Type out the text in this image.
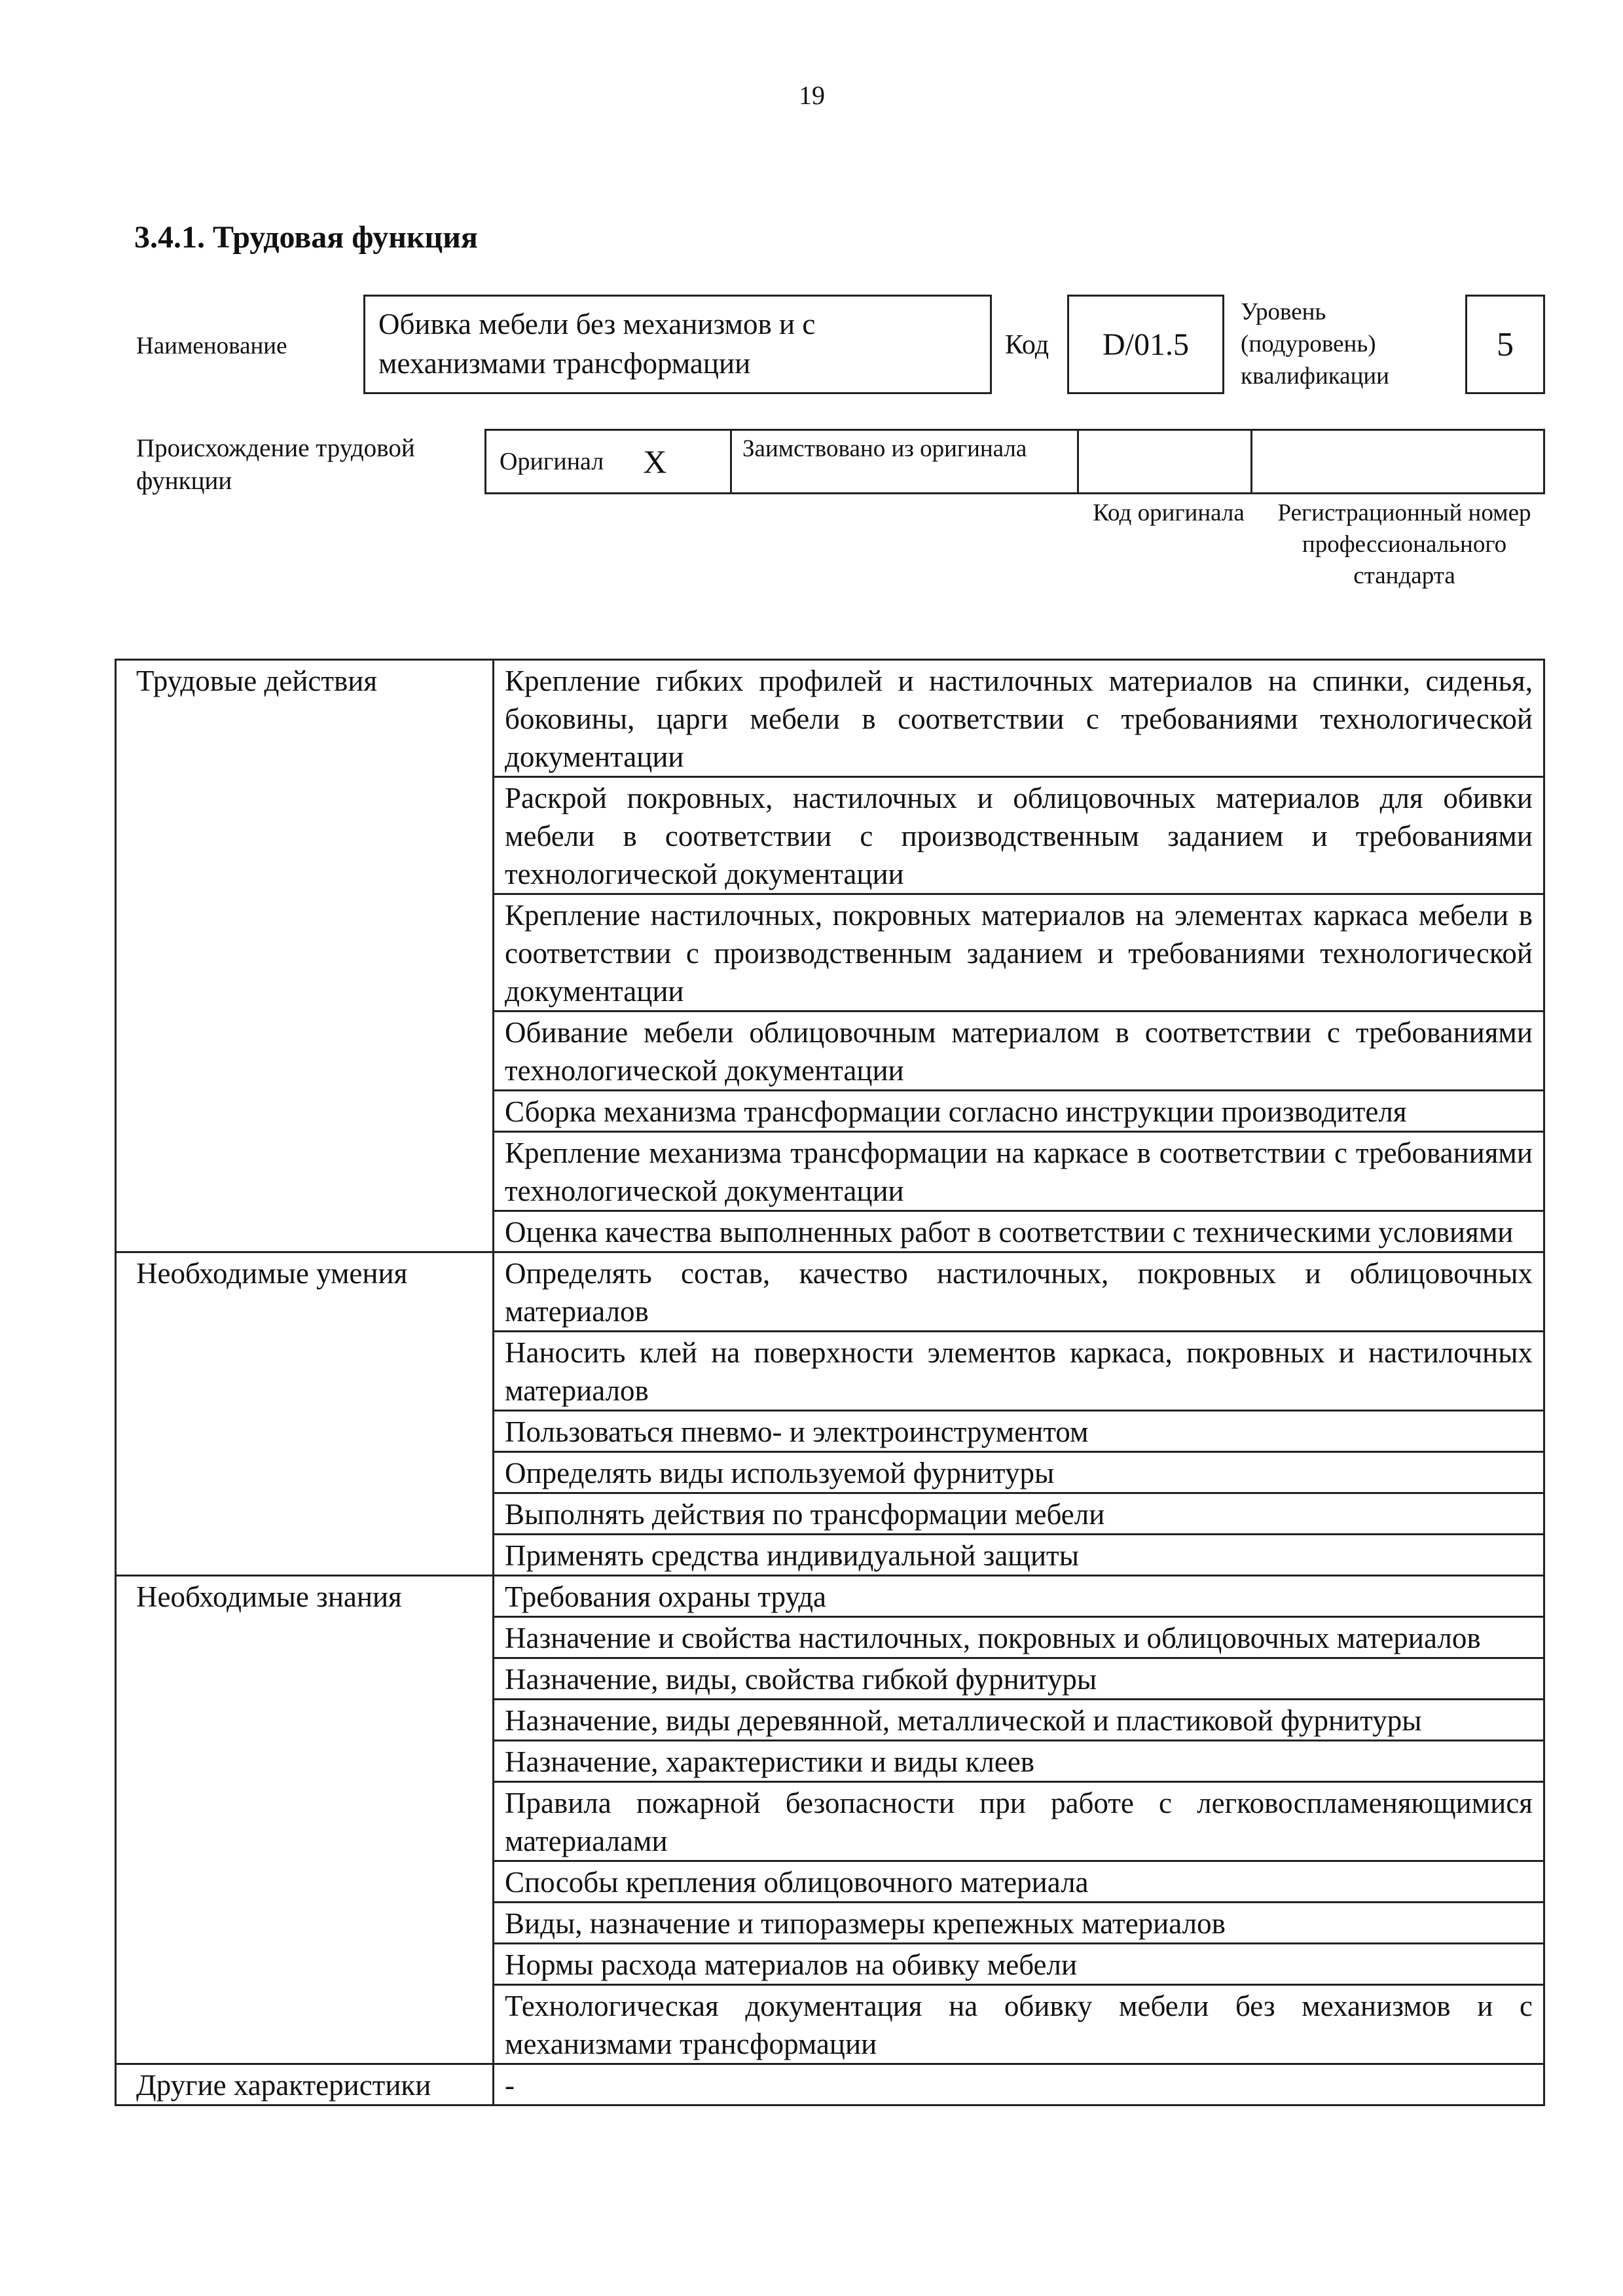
19
3.4.1. Трудовая функция
Наименование
Обивка мебели без механизмов и с механизмами трансформации
Код	D/01.5
Уровень (подуровень) квалификации
5
Происхождение трудовой функции
Оригинал X	Заимствовано из оригинала
Код оригинала	Регистрационный номер профессионального стандарта
Трудовые действия	Крепление гибких профилей и настилочных материалов на спинки, сиденья, боковины, царги мебели в соответствии с требованиями технологической документации
	Раскрой покровных, настилочных и облицовочных материалов для обивки мебели в соответствии с производственным заданием и требованиями технологической документации
	Крепление настилочных, покровных материалов на элементах каркаса мебели в соответствии с производственным заданием и требованиями технологической документации
	Обивание мебели облицовочным материалом в соответствии с требованиями технологической документации
	Сборка механизма трансформации согласно инструкции производителя
	Крепление механизма трансформации на каркасе в соответствии с требованиями технологической документации
	Оценка качества выполненных работ в соответствии с техническими условиями
Необходимые умения	Определять состав, качество настилочных, покровных и облицовочных материалов
	Наносить клей на поверхности элементов каркаса, покровных и настилочных материалов
	Пользоваться пневмо- и электроинструментом
	Определять виды используемой фурнитуры
	Выполнять действия по трансформации мебели
	Применять средства индивидуальной защиты
Необходимые знания	Требования охраны труда
	Назначение и свойства настилочных, покровных и облицовочных материалов
	Назначение, виды, свойства гибкой фурнитуры
	Назначение, виды деревянной, металлической и пластиковой фурнитуры
	Назначение, характеристики и виды клеев
	Правила пожарной безопасности при работе с легковоспламеняющимися материалами
	Способы крепления облицовочного материала
	Виды, назначение и типоразмеры крепежных материалов
	Нормы расхода материалов на обивку мебели
	Технологическая документация на обивку мебели без механизмов и с механизмами трансформации
Другие характеристики	-
